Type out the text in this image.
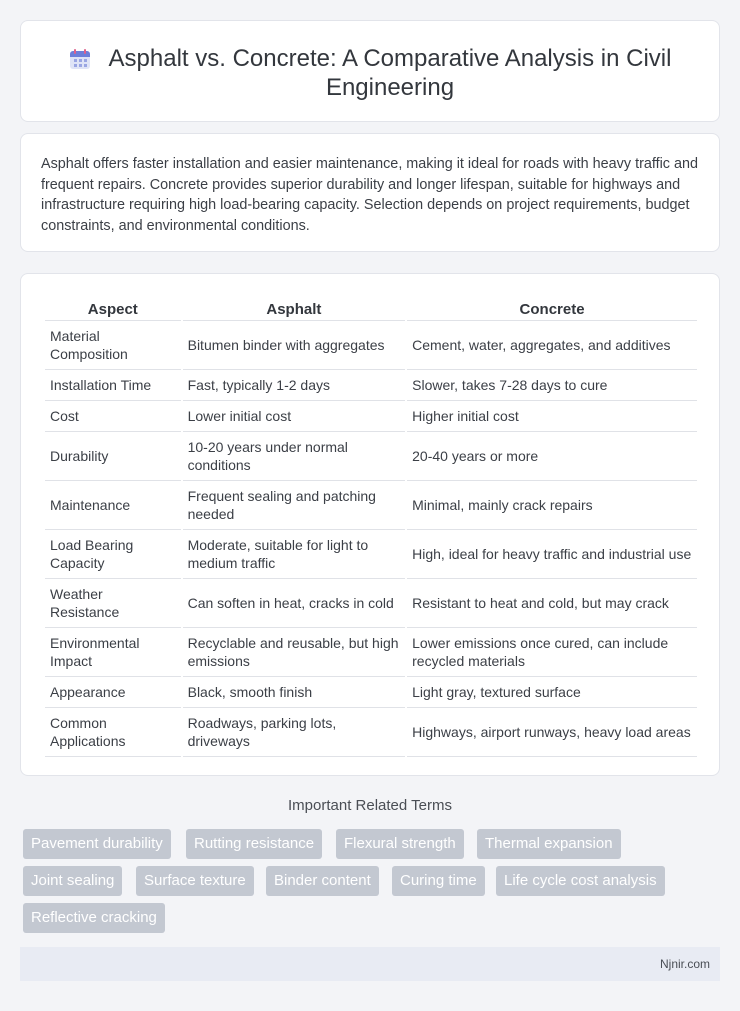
Asphalt vs. Concrete: A Comparative Analysis in Civil Engineering

Asphalt offers faster installation and easier maintenance, making it ideal for roads with heavy traffic and frequent repairs. Concrete provides superior durability and longer lifespan, suitable for highways and infrastructure requiring high load-bearing capacity. Selection depends on project requirements, budget constraints, and environmental conditions.

Aspect	Asphalt	Concrete
Material Composition	Bitumen binder with aggregates	Cement, water, aggregates, and additives
Installation Time	Fast, typically 1-2 days	Slower, takes 7-28 days to cure
Cost	Lower initial cost	Higher initial cost
Durability	10-20 years under normal conditions	20-40 years or more
Maintenance	Frequent sealing and patching needed	Minimal, mainly crack repairs
Load Bearing Capacity	Moderate, suitable for light to medium traffic	High, ideal for heavy traffic and industrial use
Weather Resistance	Can soften in heat, cracks in cold	Resistant to heat and cold, but may crack
Environmental Impact	Recyclable and reusable, but high emissions	Lower emissions once cured, can include recycled materials
Appearance	Black, smooth finish	Light gray, textured surface
Common Applications	Roadways, parking lots, driveways	Highways, airport runways, heavy load areas
Important Related Terms
Pavement durability	Rutting resistance	Flexural strength	Thermal expansion
Joint sealing	Surface texture	Binder content	Curing time	Life cycle cost analysis
Reflective cracking
Njnir.com
